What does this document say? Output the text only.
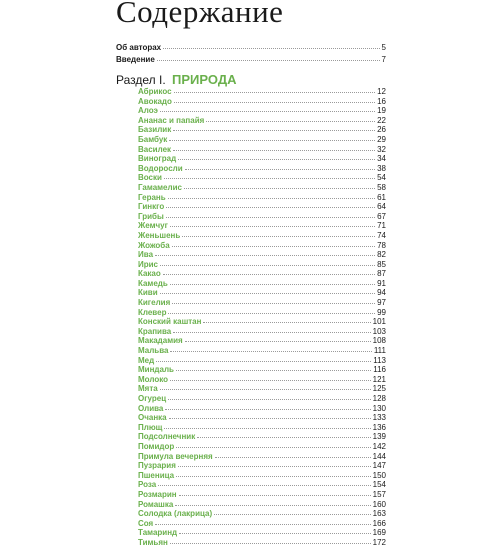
Содержание
Об авторах	5
Введение	7
Раздел I. ПРИРОДА
Абрикос	12
Авокадо	16
Алоэ	19
Ананас и папайя	22
Базилик	26
Бамбук	29
Василек	32
Виноград	34
Водоросли	38
Воски	54
Гамамелис	58
Герань	61
Гинкго	64
Грибы	67
Жемчуг	71
Женьшень	74
Жожоба	78
Ива	82
Ирис	85
Какао	87
Камедь	91
Киви	94
Кигелия	97
Клевер	99
Конский каштан	101
Крапива	103
Макадамия	108
Мальва	111
Мед	113
Миндаль	116
Молоко	121
Мята	125
Огурец	128
Олива	130
Очанка	133
Плющ	136
Подсолнечник	139
Помидор	142
Примула вечерняя	144
Пузрария	147
Пшеница	150
Роза	154
Розмарин	157
Ромашка	160
Солодка (лакрица)	163
Соя	166
Тамаринд	169
Тимьян	172
